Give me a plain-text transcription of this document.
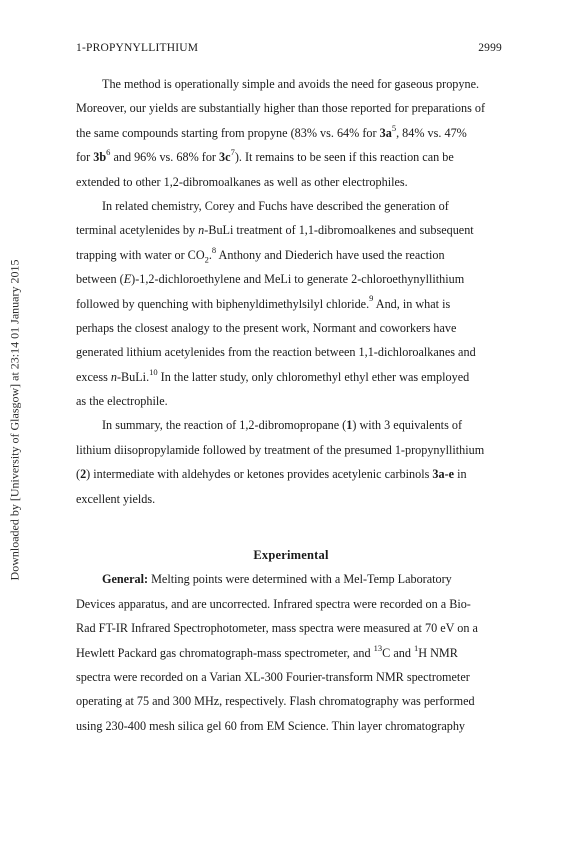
1-PROPYNYLLITHIUM	2999
Downloaded by [University of Glasgow] at 23:14 01 January 2015
The method is operationally simple and avoids the need for gaseous propyne.
Moreover, our yields are substantially higher than those reported for preparations of
the same compounds starting from propyne (83% vs. 64% for $3a^5$, 84% vs. 47%
for $3b^6$ and 96% vs. 68% for $3c^7$). It remains to be seen if this reaction can be
extended to other 1,2-dibromoalkanes as well as other electrophiles.
In related chemistry, Corey and Fuchs have described the generation of
terminal acetylenides by n-BuLi treatment of 1,1-dibromoalkenes and subsequent
trapping with water or $CO_2.^8$ Anthony and Diederich have used the reaction
between (E)-1,2-dichloroethylene and MeLi to generate 2-chloroethynyllithium
followed by quenching with biphenyldimethylsilyl chloride.$^9$ And, in what is
perhaps the closest analogy to the present work, Normant and coworkers have
generated lithium acetylenides from the reaction between 1,1-dichloroalkanes and
excess n-BuLi.$^{10}$ In the latter study, only chloromethyl ethyl ether was employed
as the electrophile.
In summary, the reaction of 1,2-dibromopropane (1) with 3 equivalents of
lithium diisopropylamide followed by treatment of the presumed 1-propynyllithium
(2) intermediate with aldehydes or ketones provides acetylenic carbinols 3a-e in
excellent yields.
Experimental
General: Melting points were determined with a Mel-Temp Laboratory
Devices apparatus, and are uncorrected. Infrared spectra were recorded on a Bio-
Rad FT-IR Infrared Spectrophotometer, mass spectra were measured at 70 eV on a
Hewlett Packard gas chromatograph-mass spectrometer, and $^{13}$C and $^1$H NMR
spectra were recorded on a Varian XL-300 Fourier-transform NMR spectrometer
operating at 75 and 300 MHz, respectively. Flash chromatography was performed
using 230-400 mesh silica gel 60 from EM Science. Thin layer chromatography
